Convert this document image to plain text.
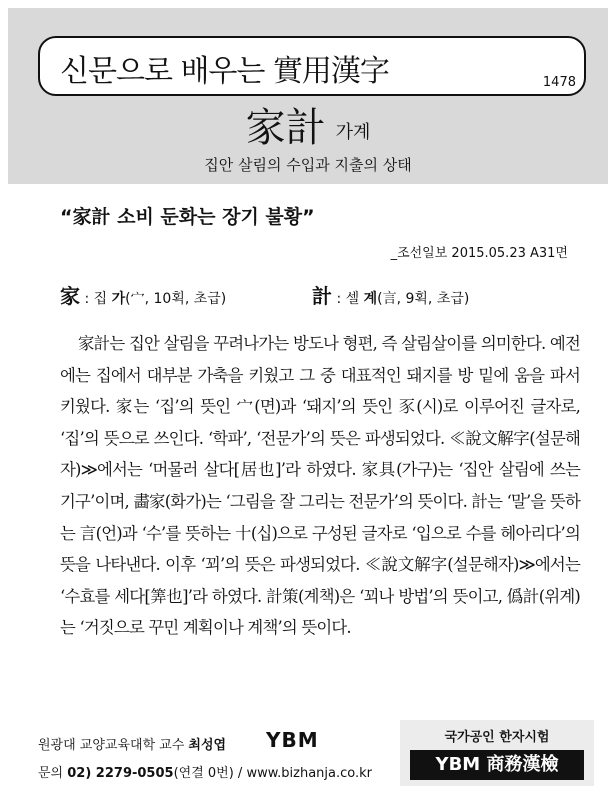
신문으로 배우는 實用漢字	1478
家計 가계
집안 살림의 수입과 지출의 상태
“家計 소비 둔화는 장기 불황”
_조선일보 2015.05.23 A31면
家 : 집 가(宀, 10획, 초급)	計 : 셀 계(言, 9획, 초급)
家計는 집안 살림을 꾸려나가는 방도나 형편, 즉 살림살이를 의미한다. 예전에는 집에서 대부분 가축을 키웠고 그 중 대표적인 돼지를 방 밑에 움을 파서 키웠다. 家는 ‘집’의 뜻인 宀(면)과 ‘돼지’의 뜻인 豕(시)로 이루어진 글자로, ‘집’의 뜻으로 쓰인다. ‘학파’, ‘전문가’의 뜻은 파생되었다. ≪說文解字(설문해자)≫에서는 ‘머물러 살다[居也]’라 하였다. 家具(가구)는 ‘집안 살림에 쓰는 기구’이며, 畵家(화가)는 ‘그림을 잘 그리는 전문가’의 뜻이다. 計는 ‘말’을 뜻하는 言(언)과 ‘수’를 뜻하는 十(십)으로 구성된 글자로 ‘입으로 수를 헤아리다’의 뜻을 나타낸다. 이후 ‘꾀’의 뜻은 파생되었다. ≪說文解字(설문해자)≫에서는 ‘수효를 세다[筭也]’라 하였다. 計策(계책)은 ‘꾀나 방법’의 뜻이고, 僞計(위계)는 ‘거짓으로 꾸민 계획이나 계책’의 뜻이다.
원광대 교양교육대학 교수 최성엽 YBM
문의 02) 2279-0505(연결 0번) / www.bizhanja.co.kr
국가공인 한자시험
YBM 商務漢檢
